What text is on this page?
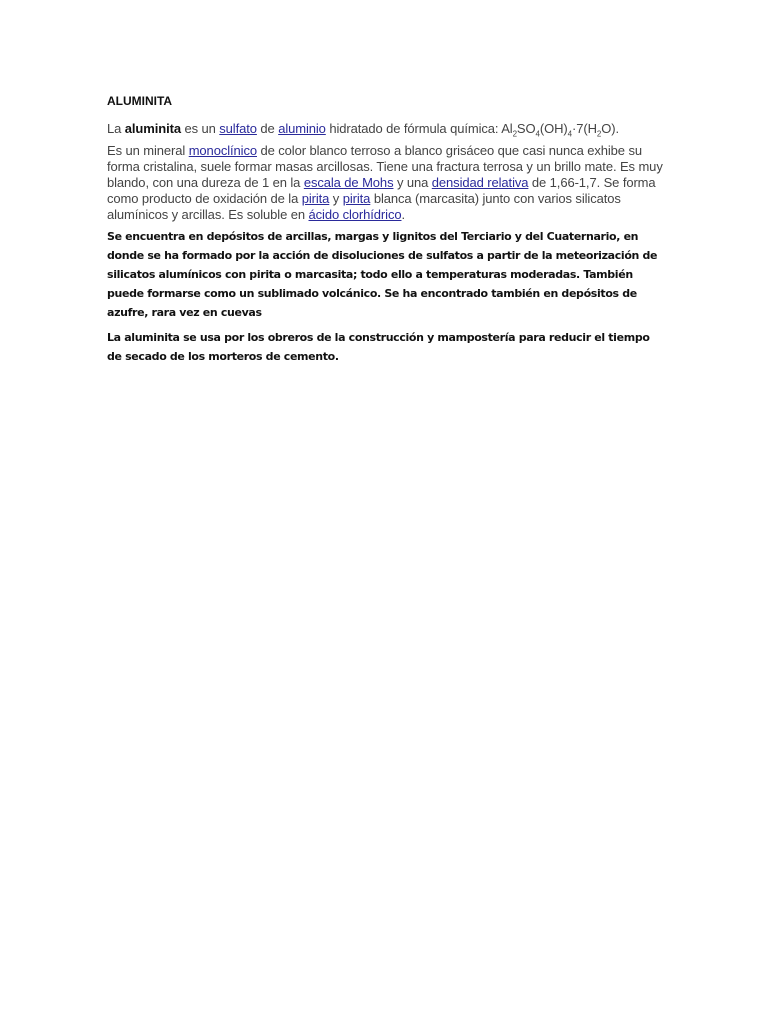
ALUMINITA

La aluminita es un sulfato de aluminio hidratado de fórmula química: $Al_2SO_4(OH)_4\cdot 7(H_2O)$.

Es un mineral monoclínico de color blanco terroso a blanco grisáceo que casi nunca exhibe su forma cristalina, suele formar masas arcillosas. Tiene una fractura terrosa y un brillo mate. Es muy blando, con una dureza de 1 en la escala de Mohs y una densidad relativa de 1,66-1,7. Se forma como producto de oxidación de la pirita y pirita blanca (marcasita) junto con varios silicatos alumínicos y arcillas. Es soluble en ácido clorhídrico.

Se encuentra en depósitos de arcillas, margas y lignitos del Terciario y del Cuaternario, en donde se ha formado por la acción de disoluciones de sulfatos a partir de la meteorización de silicatos alumínicos con pirita o marcasita; todo ello a temperaturas moderadas. También puede formarse como un sublimado volcánico. Se ha encontrado también en depósitos de azufre, rara vez en cuevas

La aluminita se usa por los obreros de la construcción y mampostería para reducir el tiempo de secado de los morteros de cemento.
